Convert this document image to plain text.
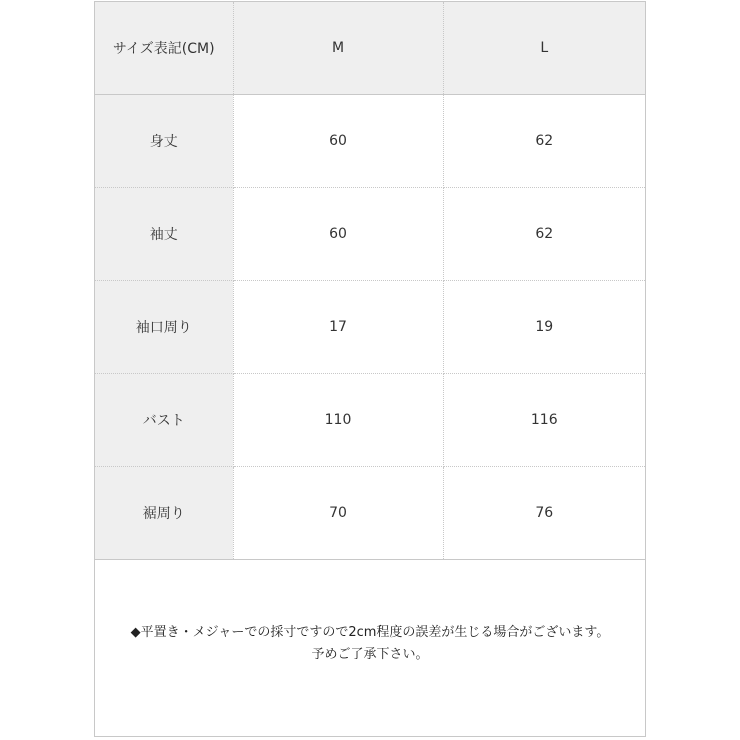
サイズ表記(CM)	M	L
身丈	60	62
袖丈	60	62
袖口周り	17	19
バスト	110	116
裾周り	70	76
◆平置き・メジャーでの採寸ですので2cm程度の誤差が生じる場合がございます。
予めご了承下さい。
